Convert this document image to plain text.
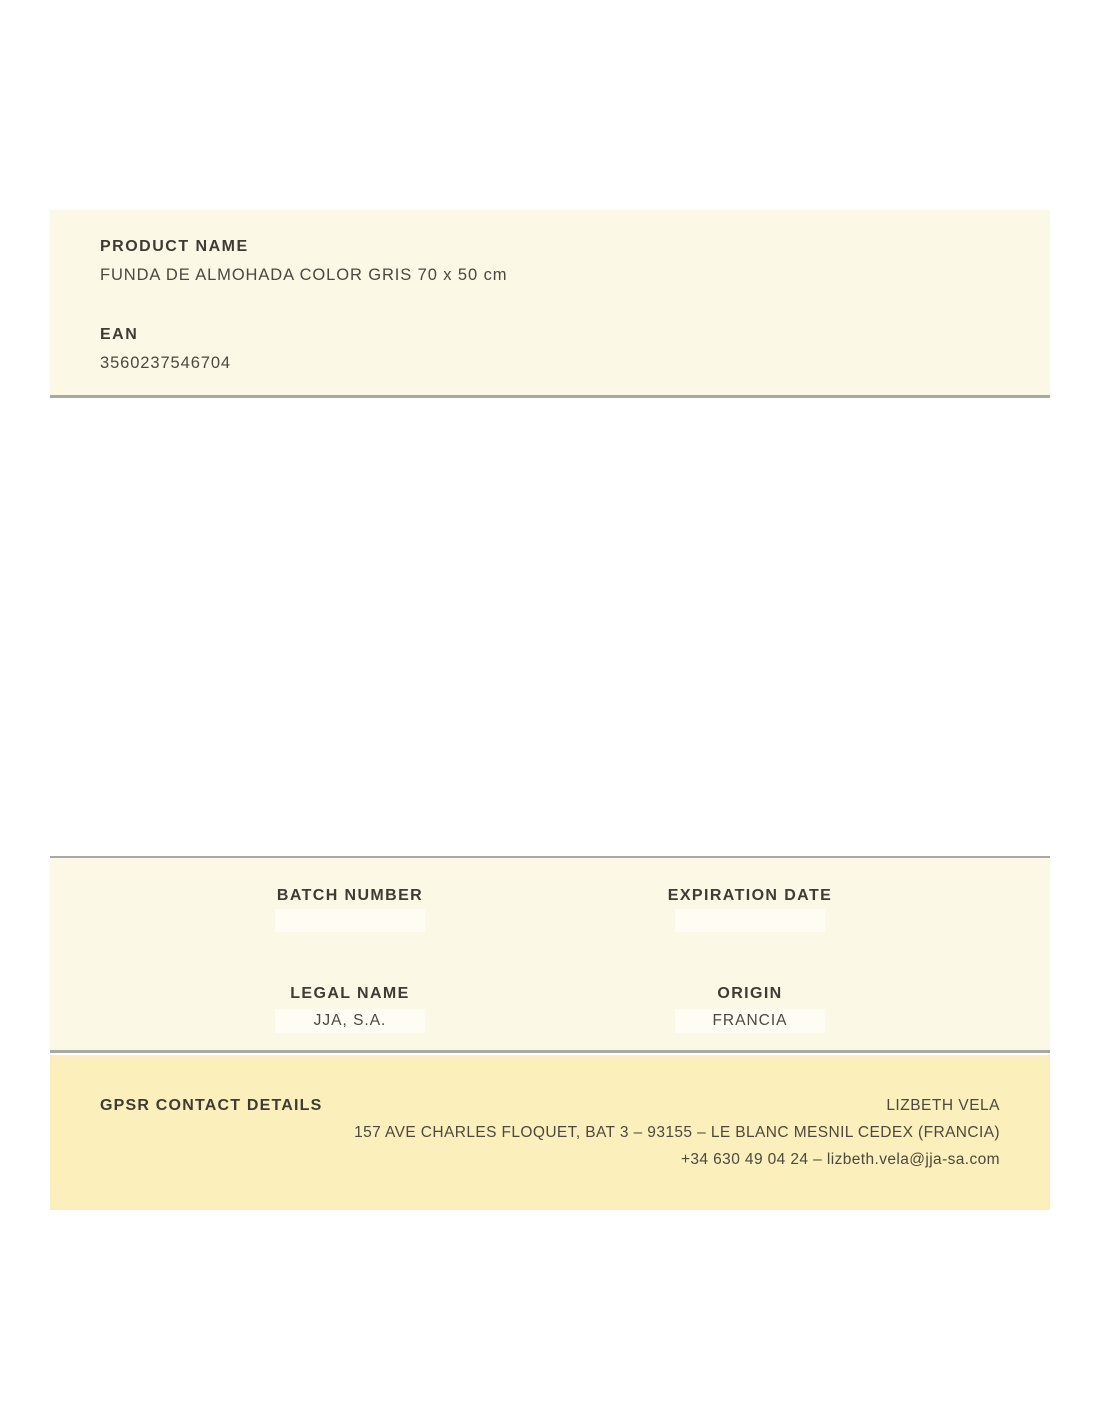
PRODUCT NAME
FUNDA DE ALMOHADA COLOR GRIS 70 x 50 cm
EAN
3560237546704
BATCH NUMBER	EXPIRATION DATE
LEGAL NAME	ORIGIN
JJA, S.A.	FRANCIA
GPSR CONTACT DETAILS	LIZBETH VELA
157 AVE CHARLES FLOQUET, BAT 3 – 93155 – LE BLANC MESNIL CEDEX (FRANCIA)
+34 630 49 04 24 – lizbeth.vela@jja-sa.com
